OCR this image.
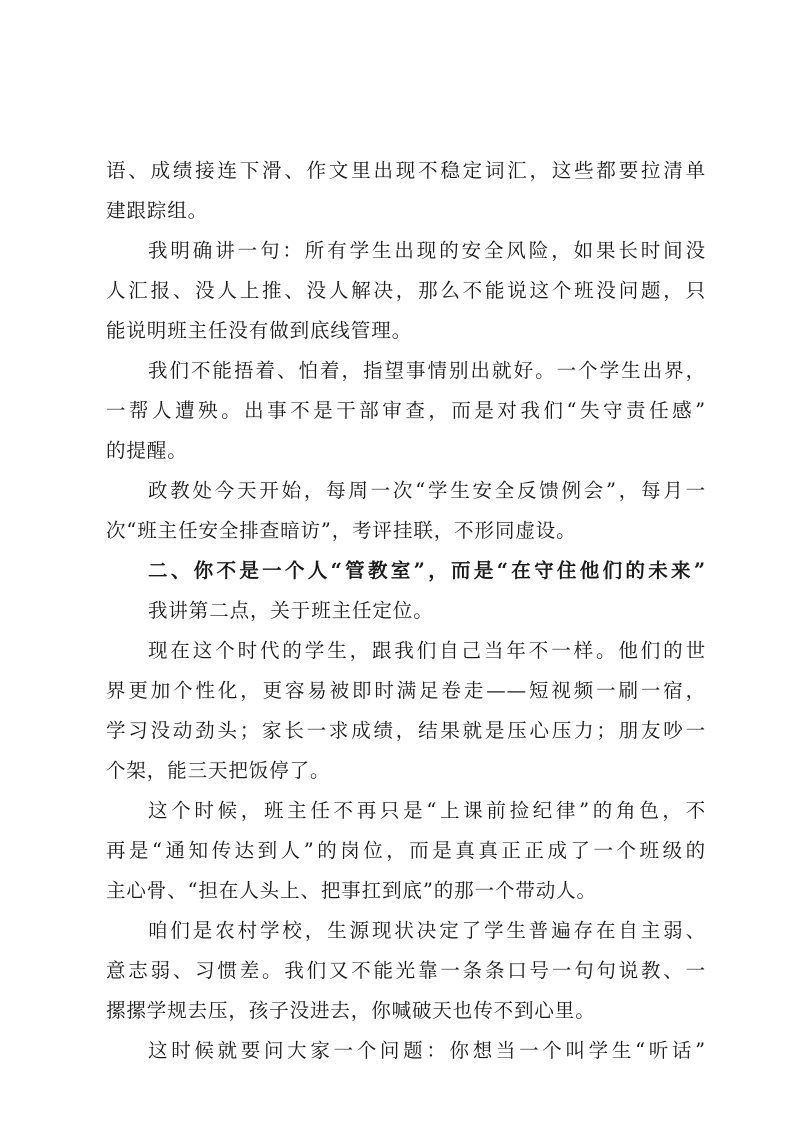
语、成绩接连下滑、作文里出现不稳定词汇，这些都要拉清单
建跟踪组。
我明确讲一句：所有学生出现的安全风险，如果长时间没
人汇报、没人上推、没人解决，那么不能说这个班没问题，只
能说明班主任没有做到底线管理。
我们不能捂着、怕着，指望事情别出就好。一个学生出界，
一帮人遭殃。出事不是干部审查，而是对我们“失守责任感”
的提醒。
政教处今天开始，每周一次“学生安全反馈例会”，每月一
次“班主任安全排查暗访”，考评挂联，不形同虚设。
二、你不是一个人“管教室”，而是“在守住他们的未来”
我讲第二点，关于班主任定位。
现在这个时代的学生，跟我们自己当年不一样。他们的世
界更加个性化，更容易被即时满足卷走——短视频一刷一宿，
学习没动劲头；家长一求成绩，结果就是压心压力；朋友吵一
个架，能三天把饭停了。
这个时候，班主任不再只是“上课前捡纪律”的角色，不
再是“通知传达到人”的岗位，而是真真正正成了一个班级的
主心骨、“担在人头上、把事扛到底”的那一个带动人。
咱们是农村学校，生源现状决定了学生普遍存在自主弱、
意志弱、习惯差。我们又不能光靠一条条口号一句句说教、一
摞摞学规去压，孩子没进去，你喊破天也传不到心里。
这时候就要问大家一个问题：你想当一个叫学生“听话”
